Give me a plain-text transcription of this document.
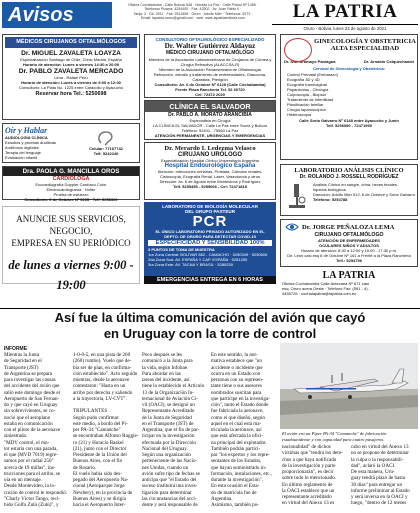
Avisos	Oficina Cochabamba - Calle Bolívar 548 · Nicolás La Paz · Calle Potosí Nº 1456 ·
Teléfonos Pizarra: 4254400 · Fax: 42502 · Av. Juan Pablo II ·
Tarija: 3 · Dir. 2511 · Fax: 2511508 · Oruro · Adolfo Mier · Teléfonos: 5273 ·
Email: lapatria.oruro@gmail.com · web: www.lapatriaenlinea.com	LA PATRIA
Oruro - Bolivia, lunes 23 de agosto de 2021
MÉDICOS CIRUJANOS OFTALMÓLOGOS
Dr. MIGUEL ZAVALETA LOAYZA
Especialización Santiago de Chile, Clínic Madrid, España
Horario de atención: Lunes a viernes 14:30 a 20:00
Dr. PABLO ZAVALETA MERCADO
Lima - Rafael Perú
Horario de atención: Lunes a viernes de 9:00 a 12:00
Consultorio: La Plata No. 1225 entre Caracollo y Ayacucho
Reservar hora Tel.: 5250698
CONSULTORIO OFTALMOLÓGICO ESPECIALIZADO
Dr. Walter Gutiérrez Aldayuz
MÉDICO CIRUJANO OFTALMÓLOGO
Miembro de la Asociación Latinoamericana de Cirujanos de Córnea y Cirugía Refractiva (ALACCSA-R)
Miembro de la Asociación Panamericana de Oftalmología
Refracción, estudio y tratamiento de enfermedades, Glaucoma, Cataratas, Pterigión
Consultorio: Av. 6 de Octubre Nº 6128 (Calle Cochabamba) Frente Plaza Ranchería Tel. 52 60720
Cel: 72472 2020
GINECOLOGÍA Y OBSTETRICIA ALTA ESPECIALIDAD
Dr. Iván Aramayo Paniagua	Dr. Arnaldo Colquechambi
Cervical de Ginecología y Obstetricia:
Control Prenatal (Embarazo)
Ecografía 3D y 4D
Ecografía transvaginal
Papanicolau - Citología
Colposcopia - Biopsia
Tratamiento de infertilidad
Planificación familiar
Cirugía laparoscópica
Histeroscopia
Calle Soria Galvarro Nº 6148 entre Ayacucho y Junín
Telf. 5256090 - 72471990
CLÍNICA EL SALVADOR
Dr. PABLO A. MORATO ARANCIBIA
Especialista en Cirugía
LA CLÍNICA EL SALVADOR - Calle La Paz entre Sucre y Bolívar
Teléfono: 52401 - 75560 La Paz
ATENCIÓN PERMANENTE, URGENCIAS Y EMERGENCIAS
Oír y Hablar
AUDIOLOGÍA CLÍNICA
Estudios y pruebas auditivas
Audífonos digitales
Terapia del lenguaje
Evaluación infantil
Celular: 77167742
Telf: 5242240
Dr. Merardo I. Ledezma Velasco
CIRUJANO URÓLOGO
Especialización Hospital Clínico Universitario Argentina
Hospital Endourológico España
Atención: Infecciones urinarias, Próstata, Cálculos renales,
Cistoscopía, Ecografía Renal, Láser, Vasectomía y otros
Dirección: Av. 6 de Agosto entre Montecinos y Rodríguez
Telf. 5255455 - 5255066 - Cel: 72471818
Dra. PAOLA G. MANCILLA OROS
CARDIÓLOGA
Ecocardiografía Doppler Cardíaco Color
Electrocardiograma · Holter
Prueba de esfuerzo
Consultorio: 6 de Octubre Nº 5235 · Telf: 5258300
LABORATORIO DE BIOLOGÍA MOLECULAR
DEL GRUPO PASTEUR
PCR
EL ÚNICO LABORATORIO PRIVADO AUTORIZADO EN EL DEPTO. DE ORURO PARA DETECTAR COVID-19
ESPECIFICIDAD Y SENSIBILIDAD 100%
3 PUNTOS DE TOMA DE MUESTRA
1ra Zona Central: BOLÍVAR 882 - CAMACHO · 5250349 · 5250606
2da Zona Sud: AV. ESPAÑA Y CAP. ESPAÑA · 5281255
3ra Zona Este: AV. TACNA Y BRASIL · 5280255
EMERGENCIAS ENTREGA EN 6 HORAS
ANUNCIE SUS SERVICIOS, NEGOCIO,
EMPRESA EN SU PERIÓDICO
de lunes a viernes 9:00 - 19:00
LABORATORIO ANÁLISIS CLÍNICO
Dr. ROLANDO J. ROSSELL RODRÍGUEZ
Análisis Clínico en sangre, orina, heces fecales,
líquidos biológicos.
Dirección: Adolfo Mier 512, 6 de Octubre y Soria Galvarro
Teléfono: 5254788
Dr. JORGE PEÑALOZA LEMA
CIRUJANO OFTALMÓLOGO
ATENCIÓN DE ENFERMEDADES
OCULARES NIÑOS Y ADULTOS
Horario de atención: 8:30 a 12:00 y 15:00 - 17:30 p.m.
Dir. León casi esq 6 de Octubre Nº 161 a Frente a la Plaza Ranchería
Telf.: 5254756
LA PATRIA
Oficina Cochabamba Calle Antezana Nº 671 casi
esq. Oruro acera Oeste · Teléfono Fax: (591 - 4) -
4455726 · cochalapatria@lapatria.com.bo
Así fue la última comunicación del avión que cayó
en Uruguay con la torre de control
INFORME
Mientras la Junta
de Seguridad en el
Transporte (JST)
de Argentina se prepara
para investigar las causas
del accidente del avión que
salió este domingo desde el
Aeropuerto de San Fernan-
do y que cayó en Uruguay
sin sobrevivientes, se co-
noció que el aeroplano
estaba en comunicación
con el piloto de la aeronave
siniestrada.
"MDV control, el mo-
tor estaría con una parada,
el que (MVD 7019) regre-
samos por el radial 250"
acerca de 19 millas", ins-
trucciones para el arribo, se
oía en un mensaje.
Desde Montevideo, la lo-
cución de control le respondió:
"Charly Víctor Tango, reci-
bido Golfo Zulú (Zulú)", y
1-0-0-5, en una pista de 260
(260) rumbo). Vuelo que de-
bía ser de plan, en confirma-
ción establecido". Acto seguido
mientras, desde la aeronave
contestaron: "Hasta en un
arribo por derecha y saliendo
a la trayectoria, LV-CVT".
TRIPULANTES
Según pudo confirmar
este medio, a bordo del Pi-
per PA-34 "Camanche"
se encontraban Alfonso Ruggie-
ro (21) y Horacio Baskel
(21), junto con el Director
Presidente de la Unión del
Buenos Aires, con el fin
de Rosario.
El vuelo había sido des-
pegado del Aeropuerto Na-
cional (Aeroparque Jorge
Newbery), en la provincia de
Buenos Aires) y se dirigía
hacia el Aeropuerto Inter-
Poco después se les
comunicó a la Junta para
la vida, según Infobae.
Para abordar en las
tareas del incidente, así
tiene lo establecido el Artículo
13 de la Organización In-
ternacional de Aviación Ci-
vil (OACI), se designó un
Representante Acreditado
de la Junta de Seguridad
en el Transporte (JST) de
Argentina, que el fin de par-
ticipar en la investigación
efectuada por la Dirección
Nacional del Uruguay.
Según una organización
perteneciente de las Nacio-
nes Unidas, cuando un
avión sufre tipo de fechas se
anticipa que "el Estado del
suceso instituirá una inves-
tigación para determinar
las circunstancias del acci-
dente y será responsable de
En este sentido, la nor-
mativa establece que "un
accidente o incidente que
ocurra en un Estado con
personas con su represen-
tante tiene o sus asesores
nombrados suscitan para
que participe en la investiga-
ción", tanto el Estado donde
fue fabricada la aeronave,
como el que diseñó, según
aquel en el cual está ma-
triculada la aeronave, así
que está afectada la ofici-
na principal del explotador.
También podrán partici-
par "los expertos y los repre-
sentantes de los Estados,
que hayan suministrado in-
formación, instalaciones, etc.,
durante la investigación".
En esta ocasión el Esta-
do de matrícula fue de
Argentina.
Asimismo, también po-
El avión era un Piper PA-34 "Camanche" de fabricación estadounidense y con capacidad para cuatro pasajeros.
nacionalidad" de dichos
víctimas que "tendrá los dere-
chos a que haya notificado
de la investigación y parte
proporcionarán", es decir
sobre todo lo mencionado.
En último reglamento de
la OACI establece que un
representante acreditado
en virtud del Anexo 13 es
cabo en virtud del Anexo 13
no se propone de determinar
la culpa o la responsabili-
dad", aclaró la OACI.
De esta manera, Uru-
guay tendrá plazo de hasta
30 días" para entregar un
informe preliminar al Estado
y será inversa en la OACI y
luego, "dentro de 12 meses
